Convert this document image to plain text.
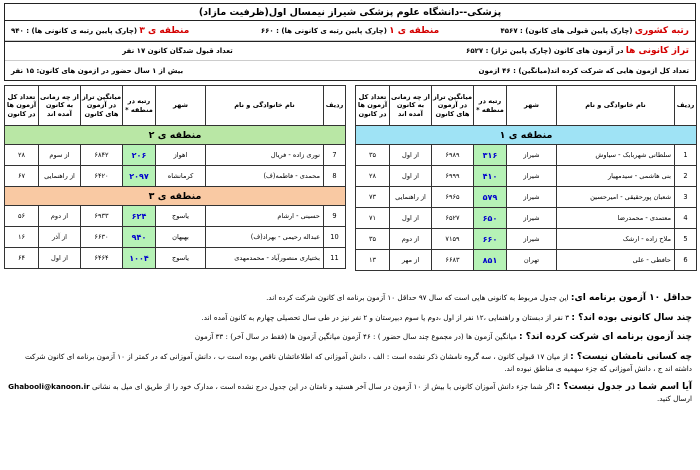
پزشکی--دانشگاه علوم پزشکی شیراز نیمسال اول(ظرفیت مازاد)
رتبه کشوری (چارک پایین قبولی های کانون) : ۴۵۶۷
منطقه ی ۱ (چارک پایین رتبه ی کانونی ها) : ۶۶۰
منطقه ی ۳ (چارک پایین رتبه ی کانونی ها) : ۹۴۰
تراز کانونی ها در آزمون های کانون (چارک پایین تراز) : ۶۵۲۷
تعداد قبول شدگان کانون ۱۷ نفر
تعداد کل آزمون هایی که شرکت کرده اند(میانگین) : ۴۶ آزمون
بیش از ۱ سال حضور در آزمون های کانون: ۱۵ نفر
ردیف	نام خانوادگی و نام	شهر	رتبه در منطقه *	میانگین تراز در آزمون های کانون	از چه زمانی به کانون آمده اند	تعداد کل آزمون ها در کانون
منطقه ی ۱						
1	سلطانی شهربابک - سیاوش	شیراز	۳۱۶	۶۹۸۹	از اول	۳۵
2	بنی هاشمی - سیدمهیار	شیراز	۴۱۰	۶۹۹۹	از اول	۲۸
3	شعبان پورحقیقی - امیرحسین	شیراز	۵۷۹	۶۹۶۵	از راهنمایی	۷۳
4	معتمدی - محمدرضا	شیراز	۶۵۰	۶۵۲۷	از اول	۷۱
5	ملاح زاده - ارشک	شیراز	۶۶۰	۷۱۵۹	از دوم	۳۵
6	حافظی - علی	تهران	۸۵۱	۶۶۸۳	از مهر	۱۳
ردیف	نام خانوادگی و نام	شهر	رتبه در منطقه *	میانگین تراز در آزمون های کانون	از چه زمانی به کانون آمده اند	تعداد کل آزمون ها در کانون
منطقه ی ۲						
7	نوری زاده - فریال	اهواز	۲۰۶	۶۸۴۲	از سوم	۲۸
8	محمدی - فاطمه(ف)	کرمانشاه	۲۰۹۷	۶۴۲۰	از راهنمایی	۶۷
منطقه ی ۳						
9	حسینی - ارشام	یاسوج	۶۲۴	۶۹۳۳	از دوم	۵۶
10	عبداله رحیمی - بهراد(ف)	بهبهان	۹۴۰	۶۶۳۰	از آذر	۱۶
11	بختیاری منصورآباد - محمدمهدی	یاسوج	۱۰۰۴	۶۴۶۴	از اول	۶۴

حداقل ۱۰ آزمون برنامه ای: این جدول مربوط به کانونی هایی است که سال ۹۷ حداقل ۱۰ آزمون برنامه ای کانون شرکت کرده اند.

چند سال کانونی بوده اند؟ : ۳ نفر از دبستان و راهنمایی ،۱۲ نفر از اول ،دوم یا سوم دبیرستان و ۲ نفر نیز در طی سال تحصیلی چهارم به کانون آمده اند.

چند آزمون برنامه ای شرکت کرده اند؟ : میانگین آزمون ها (در مجموع چند سال حضور ) : ۴۶ آزمون میانگین آزمون ها (فقط در سال آخر) : ۳۳ آزمون

چه کسانی نامشان نیست؟ : از میان ۱۷ قبولی کانون ، سه گروه نامشان ذکر نشده است : الف ، دانش آموزانی که اطلاعاتشان ناقص بوده است ب ، دانش آموزانی که در کمتر از ۱۰ آزمون برنامه ای کانون شرکت داشته اند ج ، دانش آموزانی که جزء سهمیه ی مناطق نبوده اند.

آیا اسم شما در جدول نیست؟ : اگر شما جزء دانش آموزان کانونی با بیش از ۱۰ آزمون در سال آخر هستید و نامتان در این جدول درج نشده است ، مدارک خود را از طریق ای میل به نشانی Ghabooli@kanoon.ir ارسال کنید.
